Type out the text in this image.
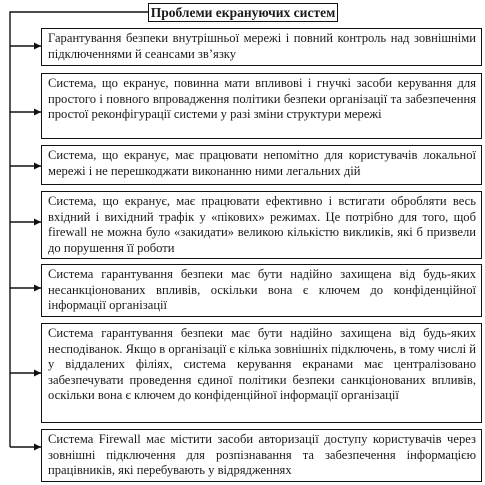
Проблеми екрануючих систем
Гарантування безпеки внутрішньої мережі і повний контроль над зовнішніми підключеннями й сеансами зв’язку
Система, що екранує, повинна мати впливові і гнучкі засоби керування для простого і повного впровадження політики безпеки організації та забезпечення простої реконфігурації системи у разі зміни структури мережі
Система, що екранує, має працювати непомітно для користувачів локальної мережі і не перешкоджати виконанню ними легальних дій
Система, що екранує, має працювати ефективно і встигати обробляти весь вхідний і вихідний трафік у «пікових» режимах. Це потрібно для того, щоб firewall не можна було «закидати» великою кількістю викликів, які б призвели до порушення її роботи
Система гарантування безпеки має бути надійно захищена від будь-яких несанкціонованих впливів, оскільки вона є ключем до конфіденційної інформації організації
Система гарантування безпеки має бути надійно захищена від будь-яких несподіванок. Якщо в організації є кілька зовнішніх підключень, в тому числі й у віддалених філіях, система керування екранами має централізовано забезпечувати проведення єдиної політики безпеки санкціонованих впливів, оскільки вона є ключем до конфіденційної інформації організації
Система Firewall має містити засоби авторизації доступу користувачів через зовнішні підключення для розпізнавання та забезпечення інформацією працівників, які перебувають у відрядженнях
